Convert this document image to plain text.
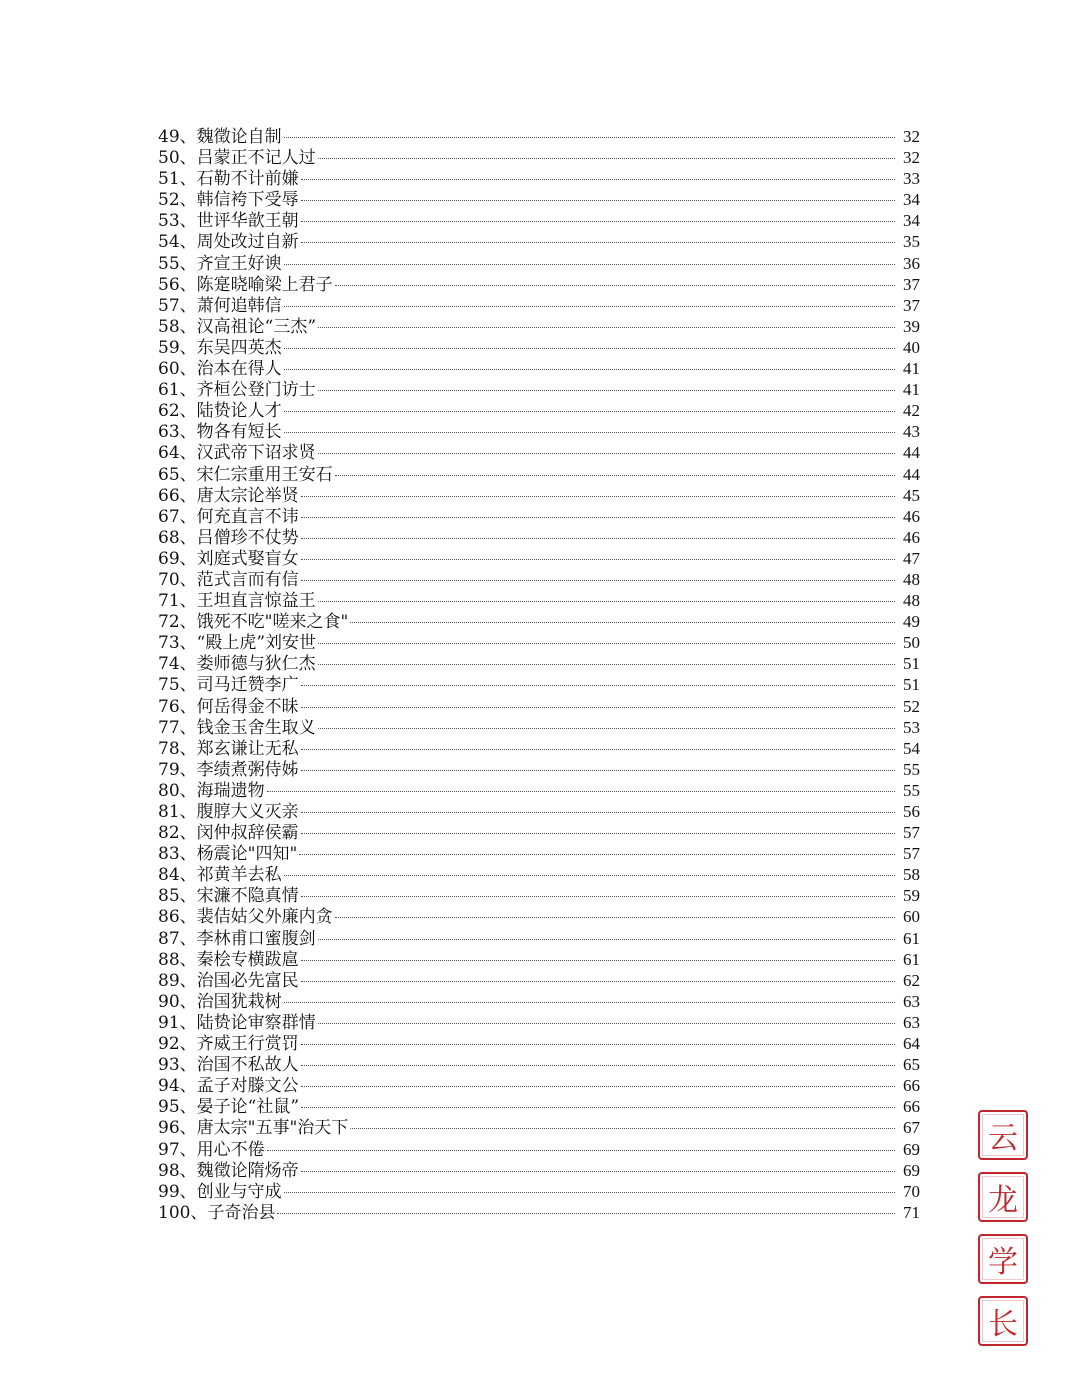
49、魏徵论自制	32
50、吕蒙正不记人过	32
51、石勒不计前嫌	33
52、韩信袴下受辱	34
53、世评华歆王朝	34
54、周处改过自新	35
55、齐宣王好谀	36
56、陈寔晓喻梁上君子	37
57、萧何追韩信	37
58、汉高祖论“三杰”	39
59、东吴四英杰	40
60、治本在得人	41
61、齐桓公登门访士	41
62、陆贽论人才	42
63、物各有短长	43
64、汉武帝下诏求贤	44
65、宋仁宗重用王安石	44
66、唐太宗论举贤	45
67、何充直言不讳	46
68、吕僧珍不仗势	46
69、刘庭式娶盲女	47
70、范式言而有信	48
71、王坦直言惊益王	48
72、饿死不吃"嗟来之食"	49
73、“殿上虎”刘安世	50
74、娄师德与狄仁杰	51
75、司马迁赞李广	51
76、何岳得金不昧	52
77、钱金玉舍生取义	53
78、郑玄谦让无私	54
79、李绩煮粥侍姊	55
80、海瑞遗物	55
81、腹朜大义灭亲	56
82、闵仲叔辞侯霸	57
83、杨震论"四知"	57
84、祁黄羊去私	58
85、宋濂不隐真情	59
86、裴佶姑父外廉内贪	60
87、李林甫口蜜腹剑	61
88、秦桧专横跋扈	61
89、治国必先富民	62
90、治国犹栽树	63
91、陆贽论审察群情	63
92、齐威王行赏罚	64
93、治国不私故人	65
94、孟子对滕文公	66
95、晏子论“社鼠”	66
96、唐太宗"五事"治天下	67
97、用心不倦	69
98、魏徵论隋炀帝	69
99、创业与守成	70
100、子奇治县	71
云
龙
学
长
